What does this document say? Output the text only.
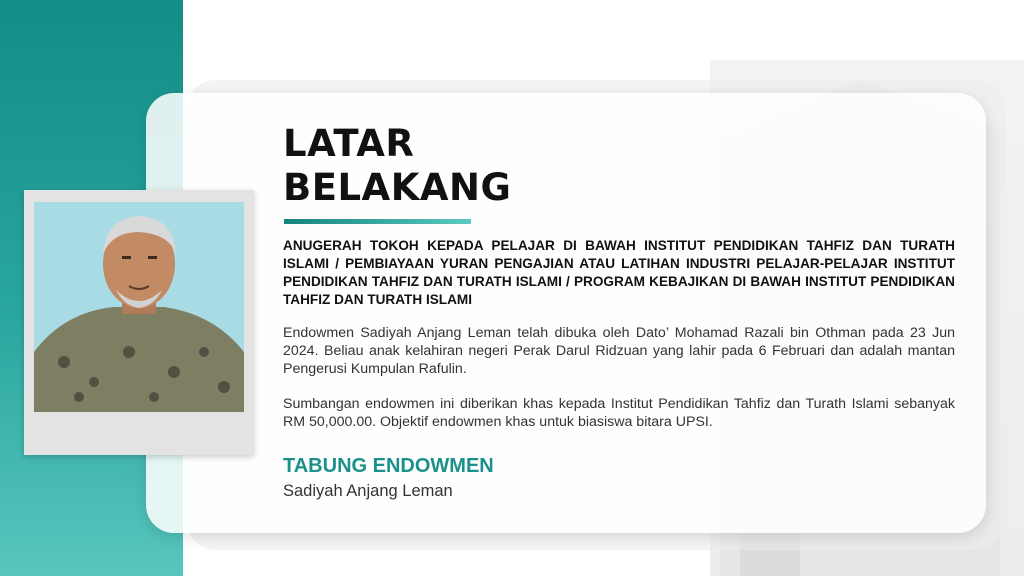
LATAR
BELAKANG
ANUGERAH TOKOH KEPADA PELAJAR DI BAWAH INSTITUT PENDIDIKAN TAHFIZ DAN TURATH ISLAMI / PEMBIAYAAN YURAN PENGAJIAN ATAU LATIHAN INDUSTRI PELAJAR-PELAJAR INSTITUT PENDIDIKAN TAHFIZ DAN TURATH ISLAMI / PROGRAM KEBAJIKAN DI BAWAH INSTITUT PENDIDIKAN TAHFIZ DAN TURATH ISLAMI
Endowmen Sadiyah Anjang Leman telah dibuka oleh Dato’ Mohamad Razali bin Othman pada 23 Jun 2024. Beliau anak kelahiran negeri Perak Darul Ridzuan yang lahir pada 6 Februari dan adalah mantan Pengerusi Kumpulan Rafulin.
Sumbangan endowmen ini diberikan khas kepada Institut Pendidikan Tahfiz dan Turath Islami sebanyak RM 50,000.00. Objektif endowmen khas untuk biasiswa bitara UPSI.
TABUNG ENDOWMEN
Sadiyah Anjang Leman
